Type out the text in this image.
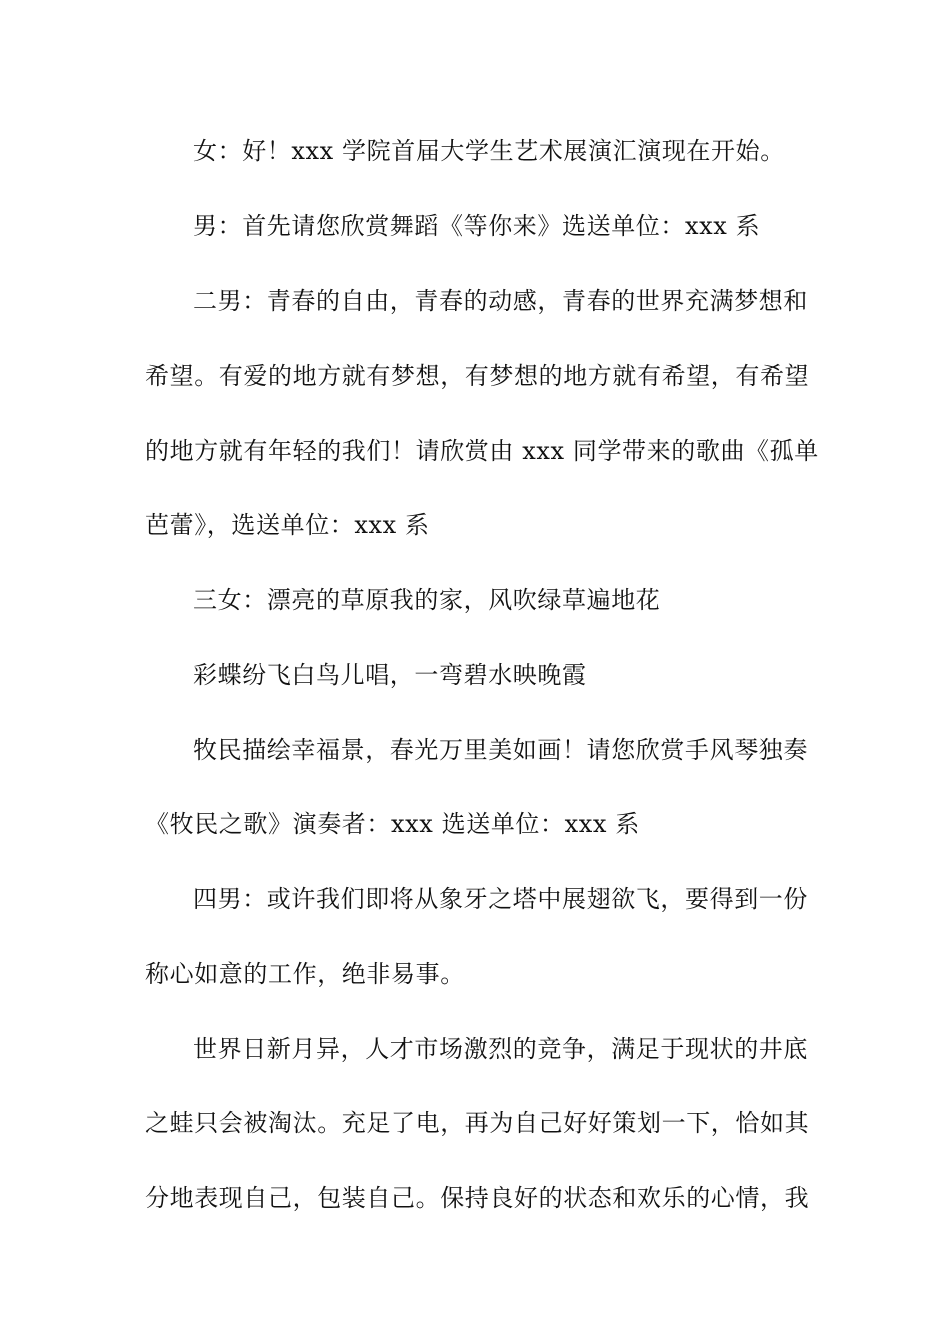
女：好！xxx 学院首届大学生艺术展演汇演现在开始。
男：首先请您欣赏舞蹈《等你来》选送单位：xxx 系
二男：青春的自由，青春的动感，青春的世界充满梦想和
希望。有爱的地方就有梦想，有梦想的地方就有希望，有希望
的地方就有年轻的我们！请欣赏由 xxx 同学带来的歌曲《孤单
芭蕾》，选送单位：xxx 系
三女：漂亮的草原我的家，风吹绿草遍地花
彩蝶纷飞白鸟儿唱，一弯碧水映晚霞
牧民描绘幸福景，春光万里美如画！请您欣赏手风琴独奏
《牧民之歌》演奏者：xxx 选送单位：xxx 系
四男：或许我们即将从象牙之塔中展翅欲飞，要得到一份
称心如意的工作，绝非易事。
世界日新月异，人才市场激烈的竞争，满足于现状的井底
之蛙只会被淘汰。充足了电，再为自己好好策划一下，恰如其
分地表现自己，包装自己。保持良好的状态和欢乐的心情，我
